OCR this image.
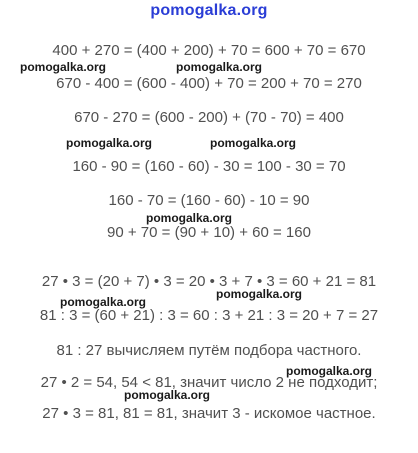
pomogalka.org
400 + 270 = (400 + 200) + 70 = 600 + 70 = 670
pomogalka.org	pomogalka.org
670 - 400 = (600 - 400) + 70 = 200 + 70 = 270
670 - 270 = (600 - 200) + (70 - 70) = 400
pomogalka.org	pomogalka.org
160 - 90 = (160 - 60) - 30 = 100 - 30 = 70
160 - 70 = (160 - 60) - 10 = 90
pomogalka.org
90 + 70 = (90 + 10) + 60 = 160
27 • 3 = (20 + 7) • 3 = 20 • 3 + 7 • 3 = 60 + 21 = 81
pomogalka.org
pomogalka.org
81 : 3 = (60 + 21) : 3 = 60 : 3 + 21 : 3 = 20 + 7 = 27
81 : 27 вычисляем путём подбора частного.
pomogalka.org
27 • 2 = 54, 54 < 81, значит число 2 не подходит;
pomogalka.org
27 • 3 = 81, 81 = 81, значит 3 - искомое частное.
